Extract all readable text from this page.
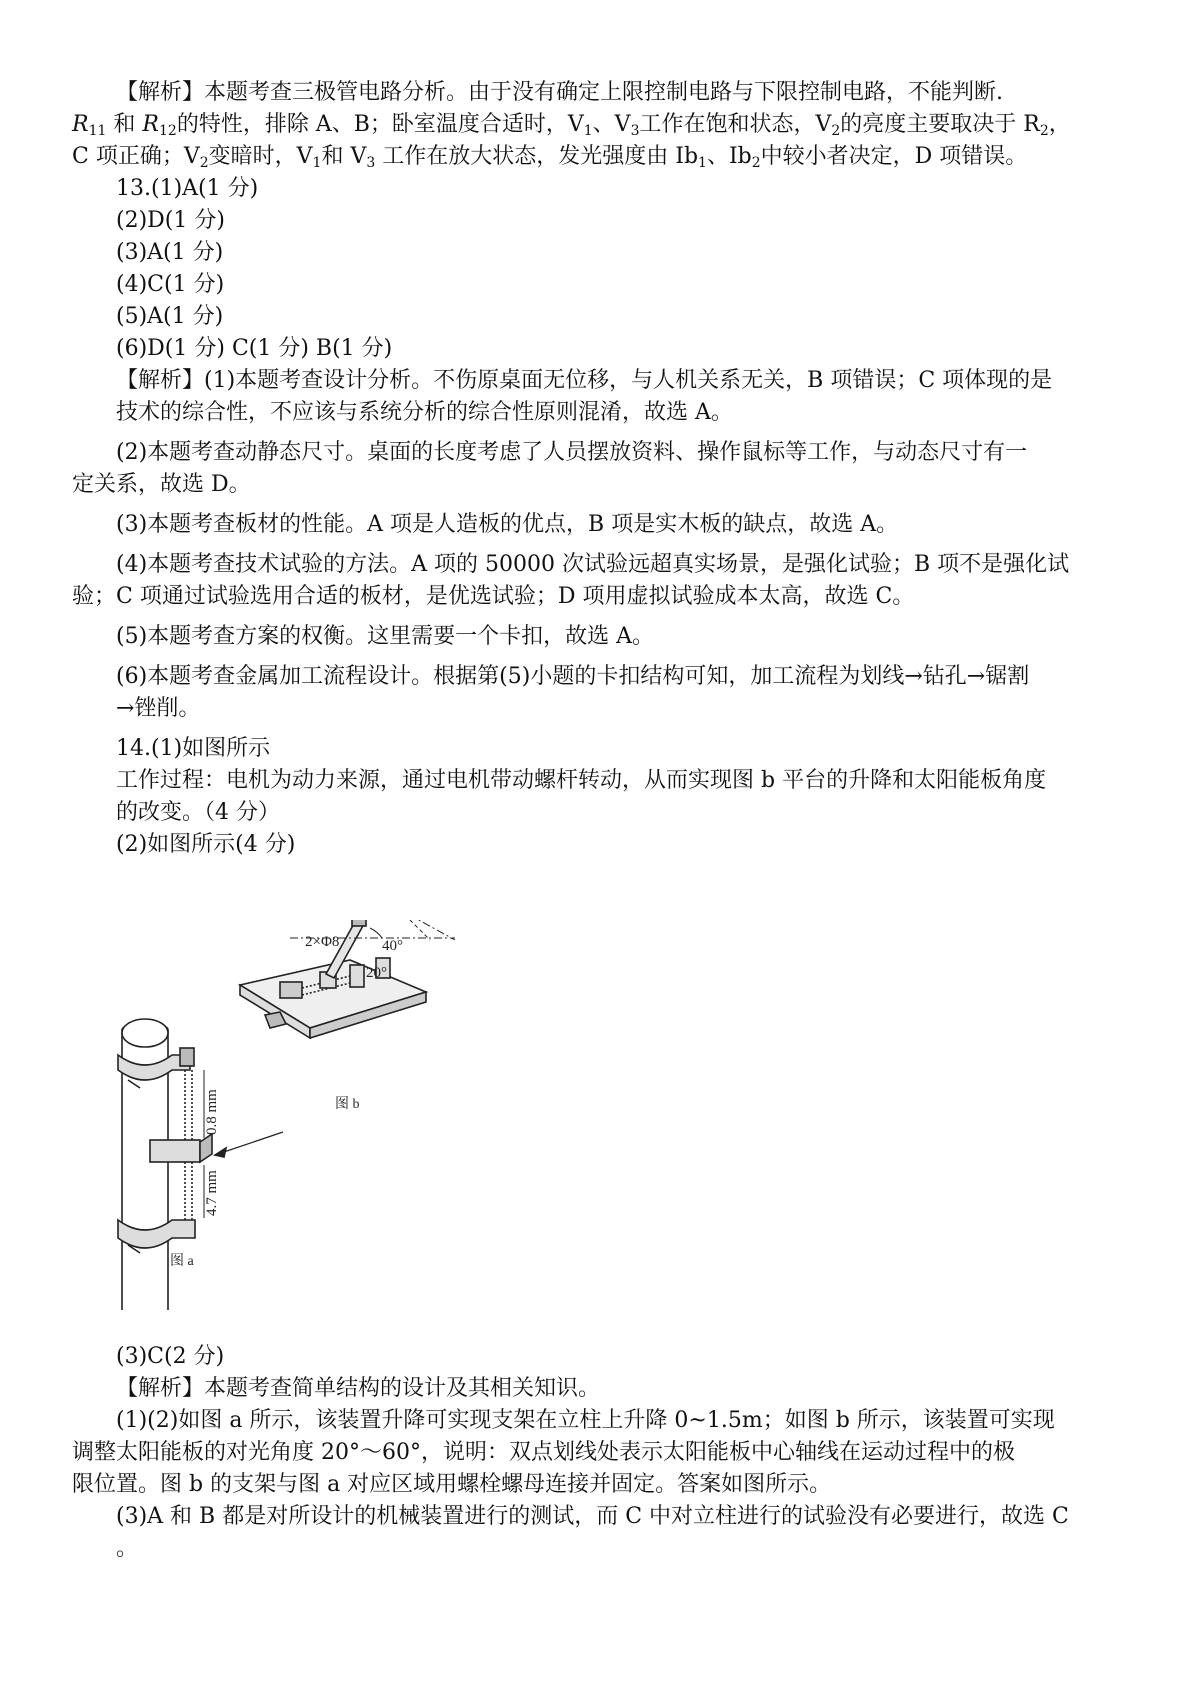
【解析】本题考查三极管电路分析。由于没有确定上限控制电路与下限控制电路，不能判断.
$R_{11}$ 和 $R_{12}$的特性，排除 A、B；卧室温度合适时，$V_1$、$V_3$工作在饱和状态，$V_2$的亮度主要取决于 $R_2$，
C 项正确；$V_2$变暗时，$V_1$和 $V_3$ 工作在放大状态，发光强度由 $Ib_1$、$Ib_2$中较小者决定，D 项错误。
13.(1)A(1 分)
(2)D(1 分)
(3)A(1 分)
(4)C(1 分)
(5)A(1 分)
(6)D(1 分) C(1 分) B(1 分)
【解析】(1)本题考查设计分析。不伤原桌面无位移，与人机关系无关，B 项错误；C 项体现的是
技术的综合性，不应该与系统分析的综合性原则混淆，故选 A。
(2)本题考查动静态尺寸。桌面的长度考虑了人员摆放资料、操作鼠标等工作，与动态尺寸有一
定关系，故选 D。
(3)本题考查板材的性能。A 项是人造板的优点，B 项是实木板的缺点，故选 A。
(4)本题考查技术试验的方法。A 项的 50000 次试验远超真实场景，是强化试验；B 项不是强化试
验；C 项通过试验选用合适的板材，是优选试验；D 项用虚拟试验成本太高，故选 C。
(5)本题考查方案的权衡。这里需要一个卡扣，故选 A。
(6)本题考查金属加工流程设计。根据第(5)小题的卡扣结构可知，加工流程为划线→钻孔→锯割
→锉削。
14.(1)如图所示
工作过程：电机为动力来源，通过电机带动螺杆转动，从而实现图 b 平台的升降和太阳能板角度
的改变。（4 分）
(2)如图所示(4 分)
2×Φ8	40°
20°
图 b
图 a
0.8 mm
4.7 mm
(3)C(2 分)
【解析】本题考查简单结构的设计及其相关知识。
(1)(2)如图 a 所示，该装置升降可实现支架在立柱上升降 0~1.5m；如图 b 所示，该装置可实现
调整太阳能板的对光角度 20°～60°，说明：双点划线处表示太阳能板中心轴线在运动过程中的极
限位置。图 b 的支架与图 a 对应区域用螺栓螺母连接并固定。答案如图所示。
(3)A 和 B 都是对所设计的机械装置进行的测试，而 C 中对立柱进行的试验没有必要进行，故选 C
。
